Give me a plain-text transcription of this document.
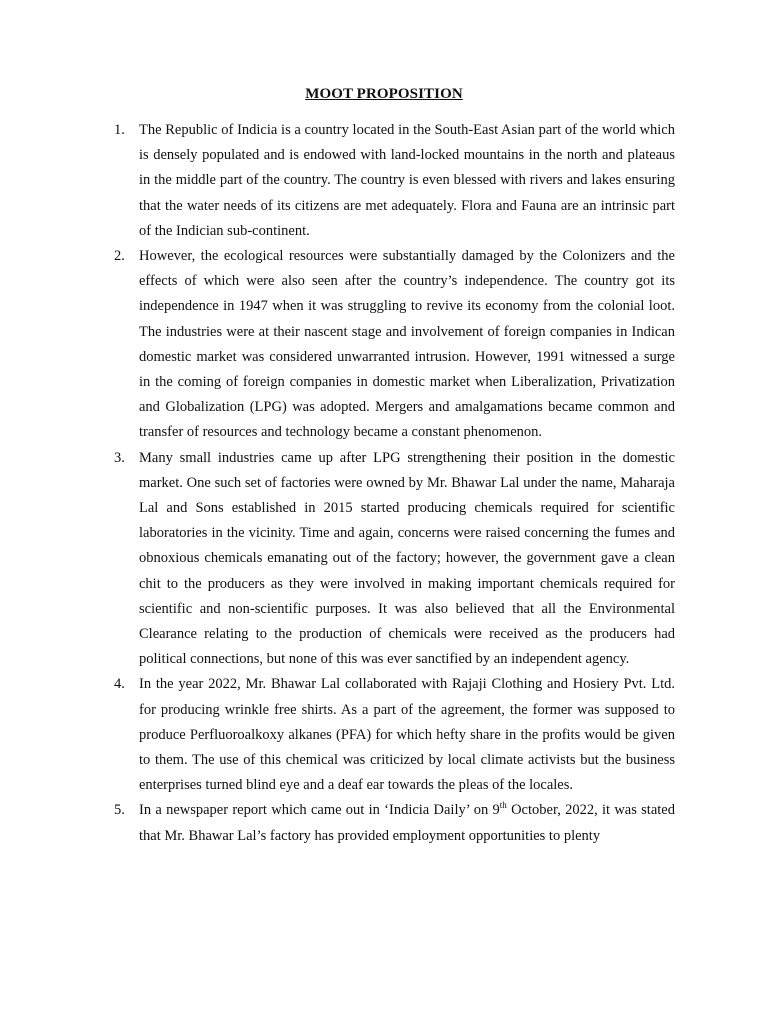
MOOT PROPOSITION
1. The Republic of Indicia is a country located in the South-East Asian part of the world which is densely populated and is endowed with land-locked mountains in the north and plateaus in the middle part of the country. The country is even blessed with rivers and lakes ensuring that the water needs of its citizens are met adequately. Flora and Fauna are an intrinsic part of the Indician sub-continent.
2. However, the ecological resources were substantially damaged by the Colonizers and the effects of which were also seen after the country’s independence. The country got its independence in 1947 when it was struggling to revive its economy from the colonial loot. The industries were at their nascent stage and involvement of foreign companies in Indican domestic market was considered unwarranted intrusion. However, 1991 witnessed a surge in the coming of foreign companies in domestic market when Liberalization, Privatization and Globalization (LPG) was adopted. Mergers and amalgamations became common and transfer of resources and technology became a constant phenomenon.
3. Many small industries came up after LPG strengthening their position in the domestic market. One such set of factories were owned by Mr. Bhawar Lal under the name, Maharaja Lal and Sons established in 2015 started producing chemicals required for scientific laboratories in the vicinity. Time and again, concerns were raised concerning the fumes and obnoxious chemicals emanating out of the factory; however, the government gave a clean chit to the producers as they were involved in making important chemicals required for scientific and non-scientific purposes. It was also believed that all the Environmental Clearance relating to the production of chemicals were received as the producers had political connections, but none of this was ever sanctified by an independent agency.
4. In the year 2022, Mr. Bhawar Lal collaborated with Rajaji Clothing and Hosiery Pvt. Ltd. for producing wrinkle free shirts. As a part of the agreement, the former was supposed to produce Perfluoroalkoxy alkanes (PFA) for which hefty share in the profits would be given to them. The use of this chemical was criticized by local climate activists but the business enterprises turned blind eye and a deaf ear towards the pleas of the locales.
5. In a newspaper report which came out in ‘Indicia Daily’ on 9th October, 2022, it was stated that Mr. Bhawar Lal’s factory has provided employment opportunities to plenty
